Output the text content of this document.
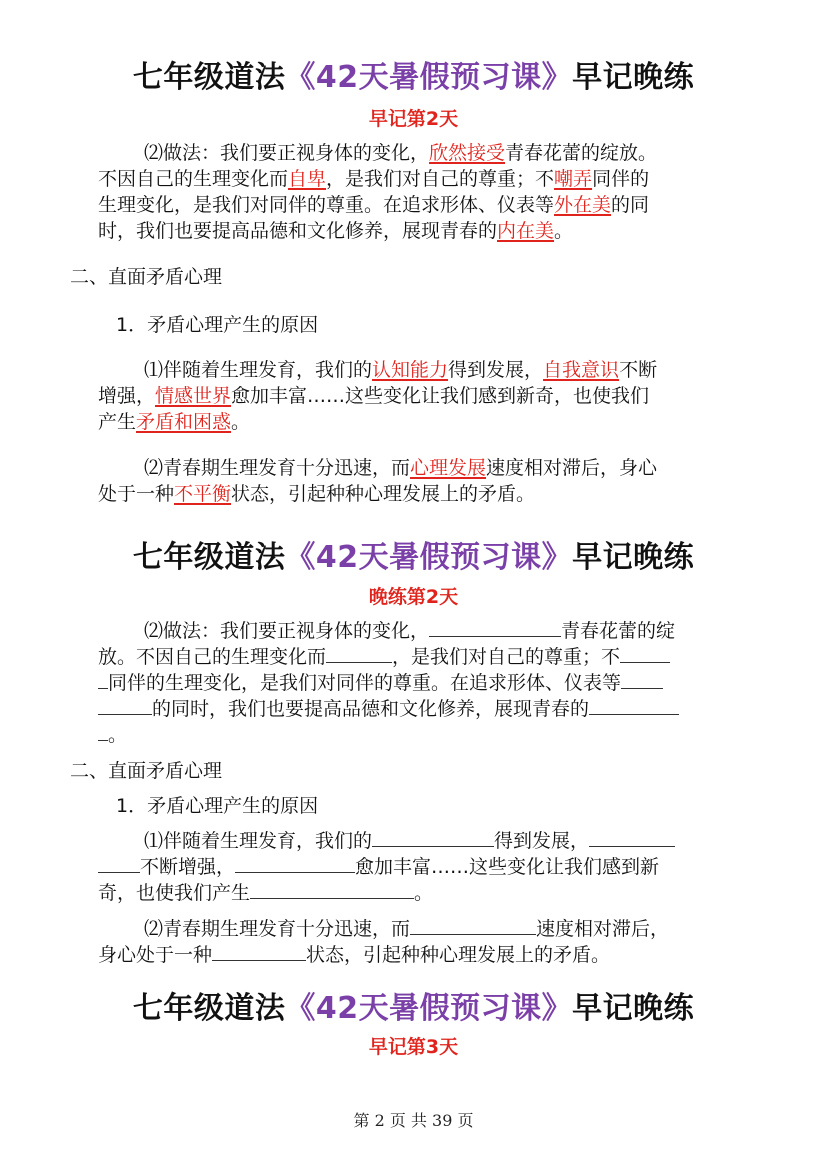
七年级道法《42天暑假预习课》早记晚练
早记第2天
⑵做法：我们要正视身体的变化，欣然接受青春花蕾的绽放。
不因自己的生理变化而自卑，是我们对自己的尊重；不嘲弄同伴的
生理变化，是我们对同伴的尊重。在追求形体、仪表等外在美的同
时，我们也要提高品德和文化修养，展现青春的内在美。
二、直面矛盾心理
1．矛盾心理产生的原因
⑴伴随着生理发育，我们的认知能力得到发展，自我意识不断
增强，情感世界愈加丰富……这些变化让我们感到新奇，也使我们
产生矛盾和困惑。
⑵青春期生理发育十分迅速，而心理发展速度相对滞后，身心
处于一种不平衡状态，引起种种心理发展上的矛盾。
七年级道法《42天暑假预习课》早记晚练
晚练第2天
⑵做法：我们要正视身体的变化，	青春花蕾的绽
放。不因自己的生理变化而	，是我们对自己的尊重；不
同伴的生理变化，是我们对同伴的尊重。在追求形体、仪表等
的同时，我们也要提高品德和文化修养，展现青春的
。
二、直面矛盾心理
1．矛盾心理产生的原因
⑴伴随着生理发育，我们的	得到发展，
不断增强，	愈加丰富……这些变化让我们感到新
奇，也使我们产生	。
⑵青春期生理发育十分迅速，而	速度相对滞后，
身心处于一种	状态，引起种种心理发展上的矛盾。
七年级道法《42天暑假预习课》早记晚练
早记第3天
第 2 页 共 39 页
